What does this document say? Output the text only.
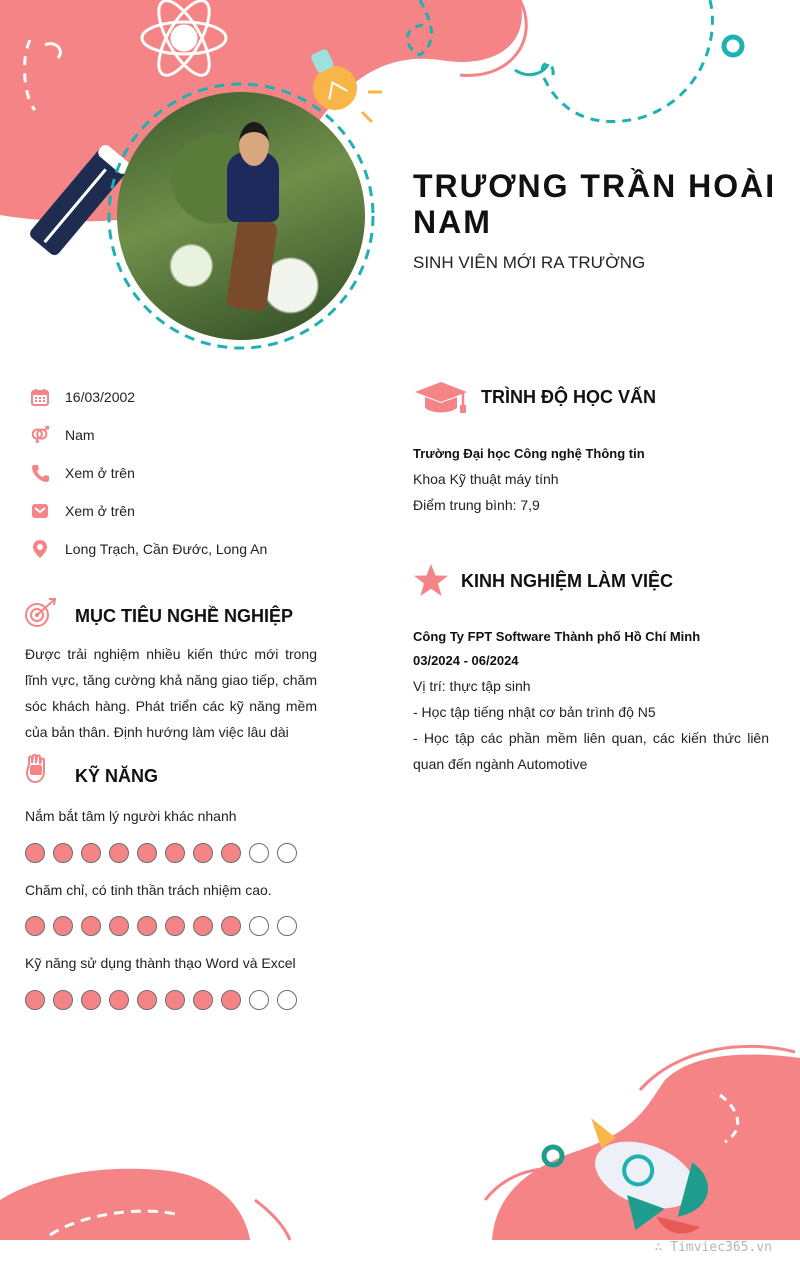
TRƯƠNG TRẦN HOÀI NAM
SINH VIÊN MỚI RA TRƯỜNG
16/03/2002
Nam
Xem ở trên
Xem ở trên
Long Trạch, Cần Đước, Long An
MỤC TIÊU NGHỀ NGHIỆP
Được trải nghiệm nhiều kiến thức mới trong lĩnh vực, tăng cường khả năng giao tiếp, chăm sóc khách hàng. Phát triển các kỹ năng mềm của bản thân. Định hướng làm việc lâu dài
KỸ NĂNG
Nắm bắt tâm lý người khác nhanh
Chăm chỉ, có tinh thần trách nhiệm cao.
Kỹ năng sử dụng thành thạo Word và Excel
TRÌNH ĐỘ HỌC VẤN
Trường Đại học Công nghệ Thông tin
Khoa Kỹ thuật máy tính
Điểm trung bình: 7,9
KINH NGHIỆM LÀM VIỆC
Công Ty FPT Software Thành phố Hồ Chí Minh
03/2024 - 06/2024
Vị trí: thực tập sinh
- Học tập tiếng nhật cơ bản trình độ N5
- Học tập các phần mềm liên quan, các kiến thức liên quan đến ngành Automotive
∴ Timviec365.vn
